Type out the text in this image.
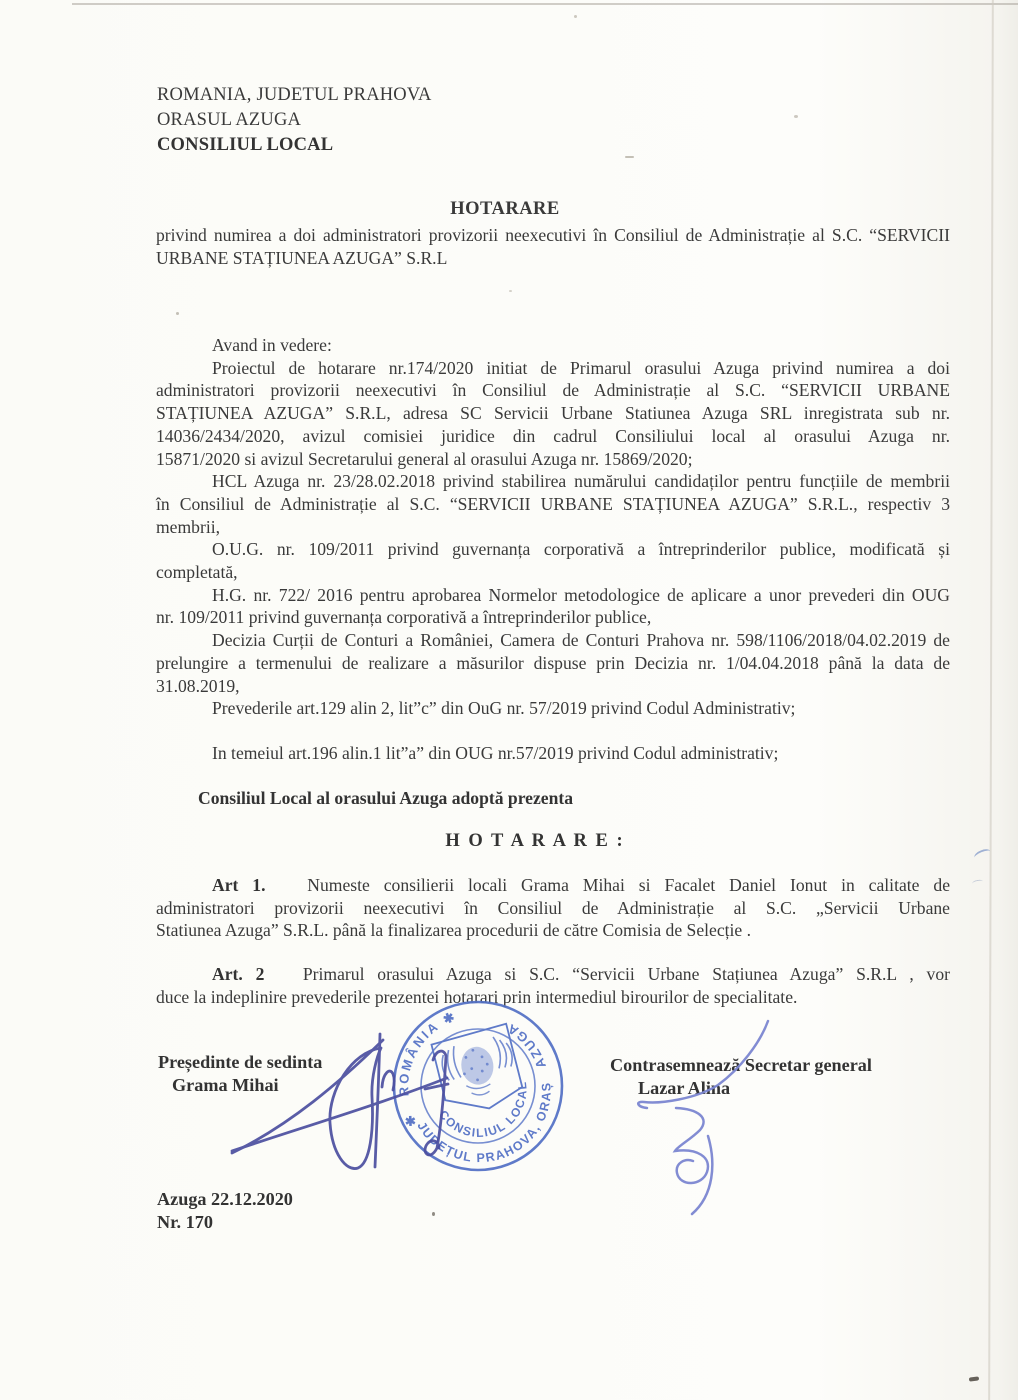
ROMANIA, JUDETUL PRAHOVA
ORASUL AZUGA
CONSILIUL LOCAL
HOTARARE
privind numirea a doi administratori provizorii neexecutivi în Consiliul de Administrație al S.C. “SERVICII
URBANE STAȚIUNEA AZUGA” S.R.L
Avand in vedere:
Proiectul de hotarare nr.174/2020 initiat de Primarul orasului Azuga privind numirea a doi
administratori provizorii neexecutivi în Consiliul de Administrație al S.C. “SERVICII URBANE
STAȚIUNEA AZUGA” S.R.L, adresa SC Servicii Urbane Statiunea Azuga SRL inregistrata sub nr.
14036/2434/2020, avizul comisiei juridice din cadrul Consiliului local al orasului Azuga nr.
15871/2020 si avizul Secretarului general al orasului Azuga nr. 15869/2020;
HCL Azuga nr. 23/28.02.2018 privind stabilirea numărului candidaților pentru funcțiile de membrii
în Consiliul de Administrație al S.C. “SERVICII URBANE STAȚIUNEA AZUGA” S.R.L., respectiv 3
membrii,
O.U.G. nr. 109/2011 privind guvernanța corporativă a întreprinderilor publice, modificată și
completată,
H.G. nr. 722/ 2016 pentru aprobarea Normelor metodologice de aplicare a unor prevederi din OUG
nr. 109/2011 privind guvernanța corporativă a întreprinderilor publice,
Decizia Curții de Conturi a României, Camera de Conturi Prahova nr. 598/1106/2018/04.02.2019 de
prelungire a termenului de realizare a măsurilor dispuse prin Decizia nr. 1/04.04.2018 până la data de
31.08.2019,
Prevederile art.129 alin 2, lit”c” din OuG nr. 57/2019 privind Codul Administrativ;
In temeiul art.196 alin.1 lit”a” din OUG nr.57/2019 privind Codul administrativ;
Consiliul Local al orasului Azuga adoptă prezenta
H O T A R A R E :
Art 1.   Numeste consilierii locali Grama Mihai si Facalet Daniel Ionut in calitate de
administratori provizorii neexecutivi în Consiliul de Administrație al S.C. „Servicii Urbane
Statiunea Azuga” S.R.L. până la finalizarea procedurii de către Comisia de Selecție .
Art. 2   Primarul orasului Azuga si S.C. “Servicii Urbane Stațiunea Azuga” S.R.L , vor
duce la indeplinire prevederile prezentei hotarari prin intermediul birourilor de specialitate.
Președinte de sedinta
Grama Mihai
Contrasemnează Secretar general
Lazar Alina
Azuga 22.12.2020
Nr. 170
ROMÂNIA ✱
AZUGA
JUDEȚUL PRAHOVA, ORAȘ
CONSILIUL LOCAL
✱
